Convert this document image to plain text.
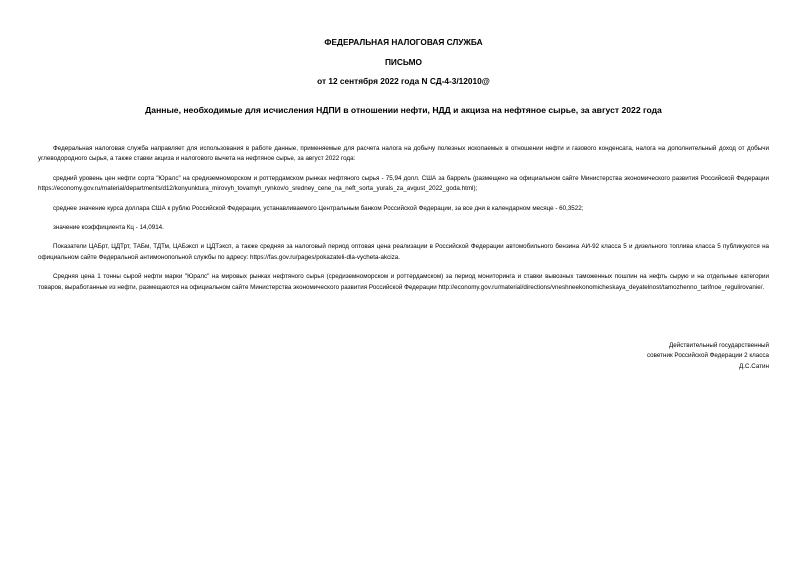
ФЕДЕРАЛЬНАЯ НАЛОГОВАЯ СЛУЖБА
ПИСЬМО
от 12 сентября 2022 года N СД-4-3/12010@
Данные, необходимые для исчисления НДПИ в отношении нефти, НДД и акциза на нефтяное сырье, за август 2022 года

Федеральная налоговая служба направляет для использования в работе данные, применяемые для расчета налога на добычу полезных ископаемых в отношении нефти и газового конденсата, налога на дополнительный доход от добычи углеводородного сырья, а также ставки акциза и налогового вычета на нефтяное сырье, за август 2022 года:

средний уровень цен нефти сорта "Юралс" на средиземноморском и роттердамском рынках нефтяного сырья - 75,94 долл. США за баррель (размещено на официальном сайте Министерства экономического развития Российской Федерации https://economy.gov.ru/material/departments/d12/konyunktura_mirovyh_tovarnyh_rynkov/o_sredney_cene_na_neft_sorta_yurals_za_avgust_2022_goda.html);

среднее значение курса доллара США к рублю Российской Федерации, устанавливаемого Центральным банком Российской Федерации, за все дни в календарном месяце - 60,3522;

значение коэффициента Кц - 14,0914.

Показатели ЦАБрт, ЦДТрт, ТАБм, ТДТм, ЦАБэксп и ЦДТэксп, а также средняя за налоговый период оптовая цена реализации в Российской Федерации автомобильного бензина АИ-92 класса 5 и дизельного топлива класса 5 публикуются на официальном сайте Федеральной антимонопольной службы по адресу: https://fas.gov.ru/pages/pokazateli-dla-vycheta-akciza.

Средняя цена 1 тонны сырой нефти марки "Юралс" на мировых рынках нефтяного сырья (средиземноморском и роттердамском) за период мониторинга и ставки вывозных таможенных пошлин на нефть сырую и на отдельные категории товаров, выработанные из нефти, размещаются на официальном сайте Министерства экономического развития Российской Федерации http://economy.gov.ru/material/directions/vneshneekonomicheskaya_deyatelnost/tamozhenno_tarifnoe_regulirovanie/.

Действительный государственный
советник Российской Федерации 2 класса
Д.С.Сатин
